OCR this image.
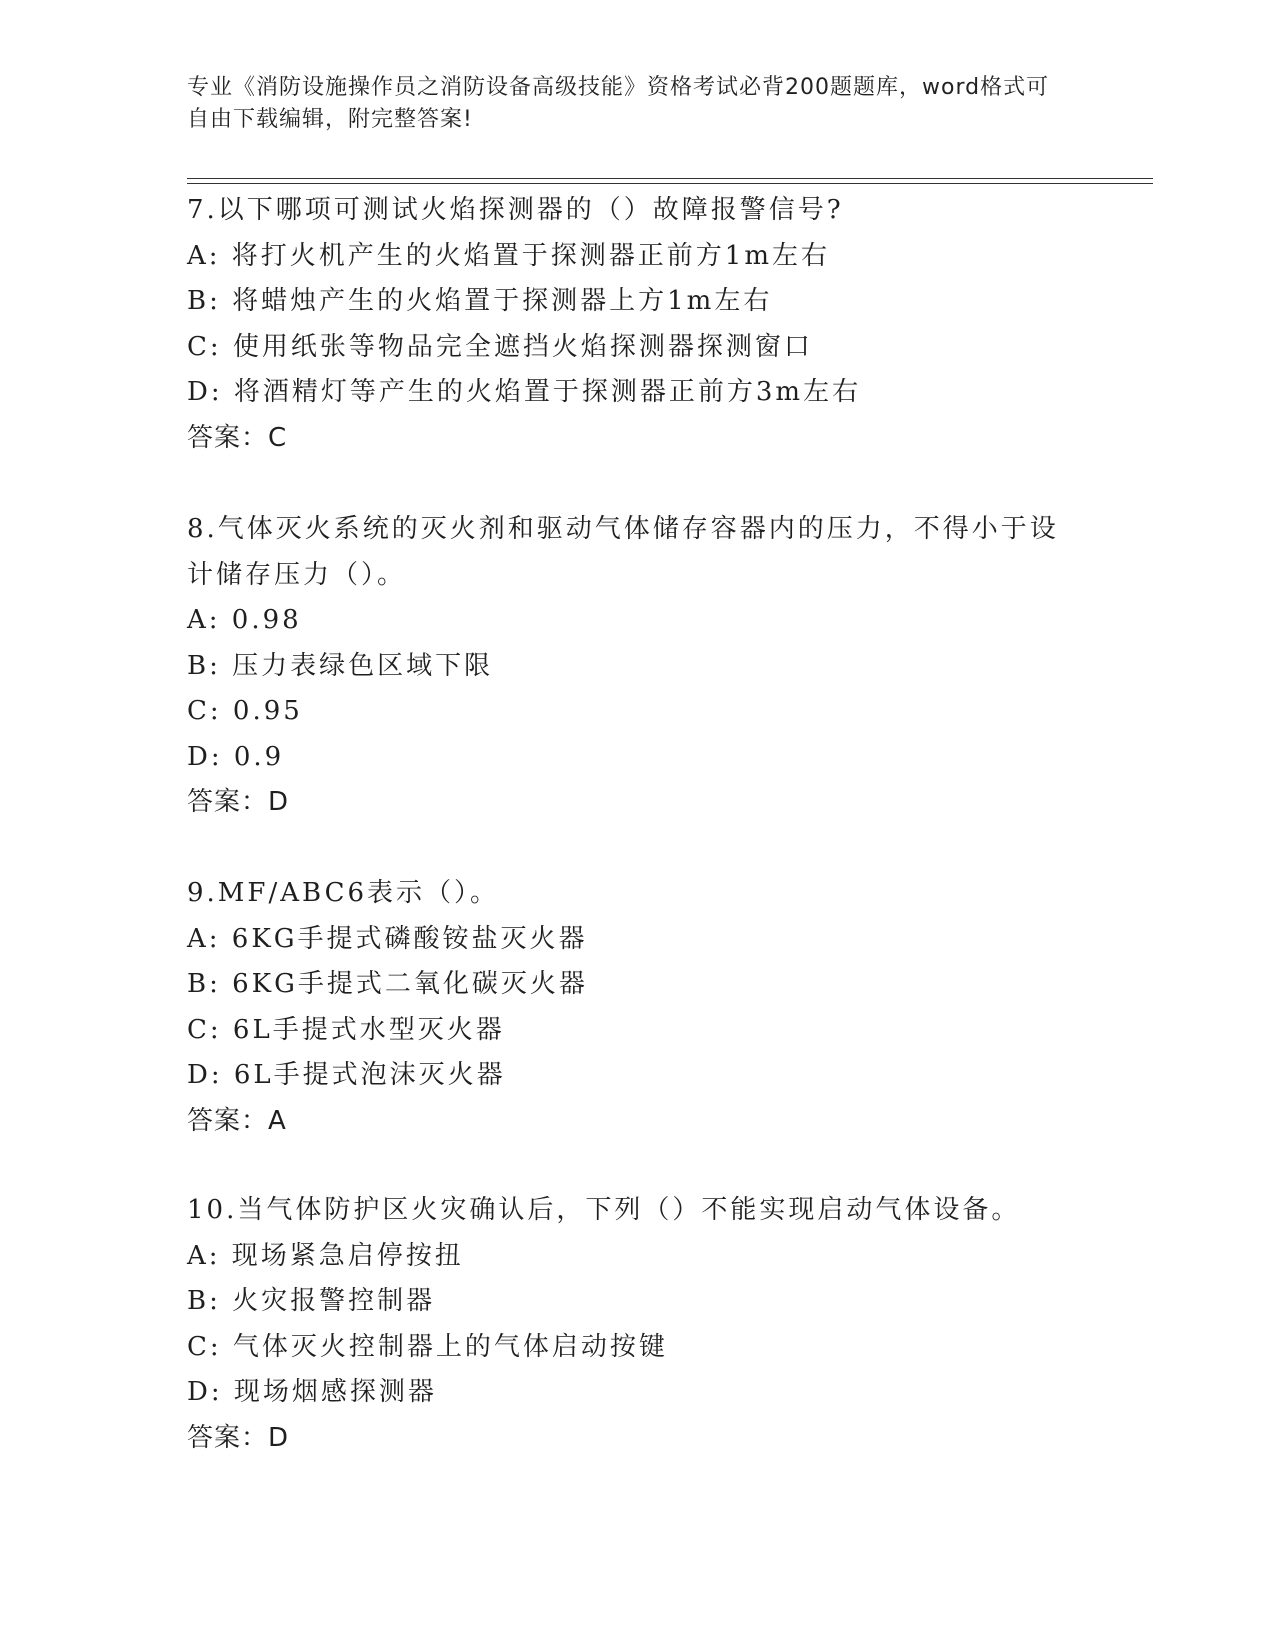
专业《消防设施操作员之消防设备高级技能》资格考试必背200题题库，word格式可自由下载编辑，附完整答案!
7.以下哪项可测试火焰探测器的（）故障报警信号?
A: 将打火机产生的火焰置于探测器正前方1m左右
B: 将蜡烛产生的火焰置于探测器上方1m左右
C: 使用纸张等物品完全遮挡火焰探测器探测窗口
D: 将酒精灯等产生的火焰置于探测器正前方3m左右
答案：C
8.气体灭火系统的灭火剂和驱动气体储存容器内的压力，不得小于设计储存压力（）。
A: 0.98
B: 压力表绿色区域下限
C: 0.95
D: 0.9
答案：D
9.MF/ABC6表示（）。
A: 6KG手提式磷酸铵盐灭火器
B: 6KG手提式二氧化碳灭火器
C: 6L手提式水型灭火器
D: 6L手提式泡沫灭火器
答案：A
10.当气体防护区火灾确认后，下列（）不能实现启动气体设备。
A: 现场紧急启停按扭
B: 火灾报警控制器
C: 气体灭火控制器上的气体启动按键
D: 现场烟感探测器
答案：D
